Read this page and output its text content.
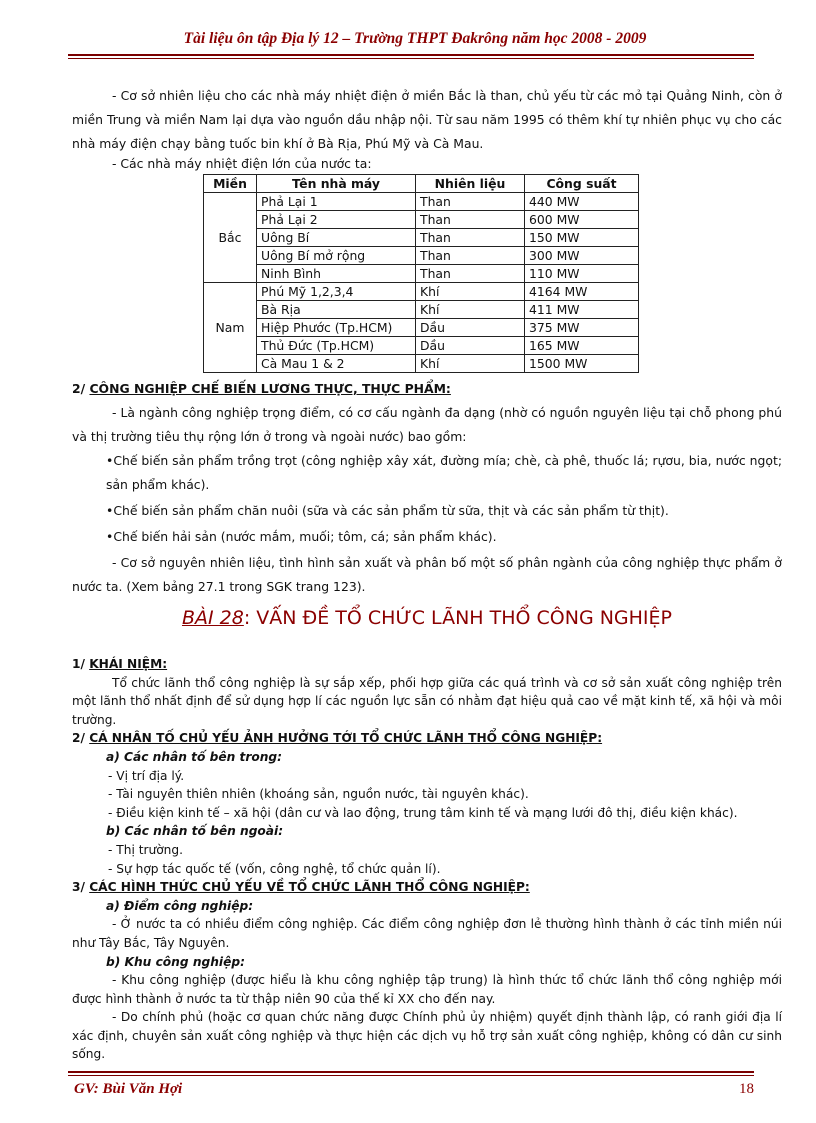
Tài liệu ôn tập Địa lý 12 – Trường THPT Đakrông năm học 2008 - 2009

- Cơ sở nhiên liệu cho các nhà máy nhiệt điện ở miền Bắc là than, chủ yếu từ các mỏ tại Quảng Ninh, còn ở miền Trung và miền Nam lại dựa vào nguồn dầu nhập nội. Từ sau năm 1995 có thêm khí tự nhiên phục vụ cho các nhà máy điện chạy bằng tuốc bin khí ở Bà Rịa, Phú Mỹ và Cà Mau.

- Các nhà máy nhiệt điện lớn của nước ta:

Miền	Tên nhà máy	Nhiên liệu	Công suất
Bắc	Phả Lại 1	Than	440 MW
	Phả Lại 2	Than	600 MW
	Uông Bí	Than	150 MW
	Uông Bí mở rộng	Than	300 MW
	Ninh Bình	Than	110 MW
Nam	Phú Mỹ 1,2,3,4	Khí	4164 MW
	Bà Rịa	Khí	411 MW
	Hiệp Phước (Tp.HCM)	Dầu	375 MW
	Thủ Đức (Tp.HCM)	Dầu	165 MW
	Cà Mau 1 & 2	Khí	1500 MW

2/ CÔNG NGHIỆP CHẾ BIẾN LƯƠNG THỰC, THỰC PHẨM:

- Là ngành công nghiệp trọng điểm, có cơ cấu ngành đa dạng (nhờ có nguồn nguyên liệu tại chỗ phong phú và thị trường tiêu thụ rộng lớn ở trong và ngoài nước) bao gồm:

•Chế biến sản phẩm trồng trọt (công nghiệp xây xát, đường mía; chè, cà phê, thuốc lá; rựơu, bia, nước ngọt; sản phẩm khác).

•Chế biến sản phẩm chăn nuôi (sữa và các sản phẩm từ sữa, thịt và các sản phẩm từ thịt).

•Chế biến hải sản (nước mắm, muối; tôm, cá; sản phẩm khác).

- Cơ sở nguyên nhiên liệu, tình hình sản xuất và phân bố một số phân ngành của công nghiệp thực phẩm ở nước ta. (Xem bảng 27.1 trong SGK trang 123).

BÀI 28: VẤN ĐỀ TỔ CHỨC LÃNH THỔ CÔNG NGHIỆP

1/ KHÁI NIỆM:

Tổ chức lãnh thổ công nghiệp là sự sắp xếp, phối hợp giữa các quá trình và cơ sở sản xuất công nghiệp trên một lãnh thổ nhất định để sử dụng hợp lí các nguồn lực sẵn có nhằm đạt hiệu quả cao về mặt kinh tế, xã hội và môi trường.

2/ CÁ NHÂN TỐ CHỦ YẾU ẢNH HƯỞNG TỚI TỔ CHỨC LÃNH THỔ CÔNG NGHIỆP:

a) Các nhân tố bên trong:
- Vị trí địa lý.
- Tài nguyên thiên nhiên (khoáng sản, nguồn nước, tài nguyên khác).
- Điều kiện kinh tế – xã hội (dân cư và lao động, trung tâm kinh tế và mạng lưới đô thị, điều kiện khác).
b) Các nhân tố bên ngoài:
- Thị trường.
- Sự hợp tác quốc tế (vốn, công nghệ, tổ chức quản lí).

3/ CÁC HÌNH THỨC CHỦ YẾU VỀ TỔ CHỨC LÃNH THỔ CÔNG NGHIỆP:

a) Điểm công nghiệp:

- Ở nước ta có nhiều điểm công nghiệp. Các điểm công nghiệp đơn lẻ thường hình thành ở các tỉnh miền núi như Tây Bắc, Tây Nguyên.

b) Khu công nghiệp:

- Khu công nghiệp (được hiểu là khu công nghiệp tập trung) là hình thức tổ chức lãnh thổ công nghiệp mới được hình thành ở nước ta từ thập niên 90 của thế kỉ XX cho đến nay.

- Do chính phủ (hoặc cơ quan chức năng được Chính phủ ủy nhiệm) quyết định thành lập, có ranh giới địa lí xác định, chuyên sản xuất công nghiệp và thực hiện các dịch vụ hỗ trợ sản xuất công nghiệp, không có dân cư sinh sống.

GV: Bùi Văn Hợi	18
